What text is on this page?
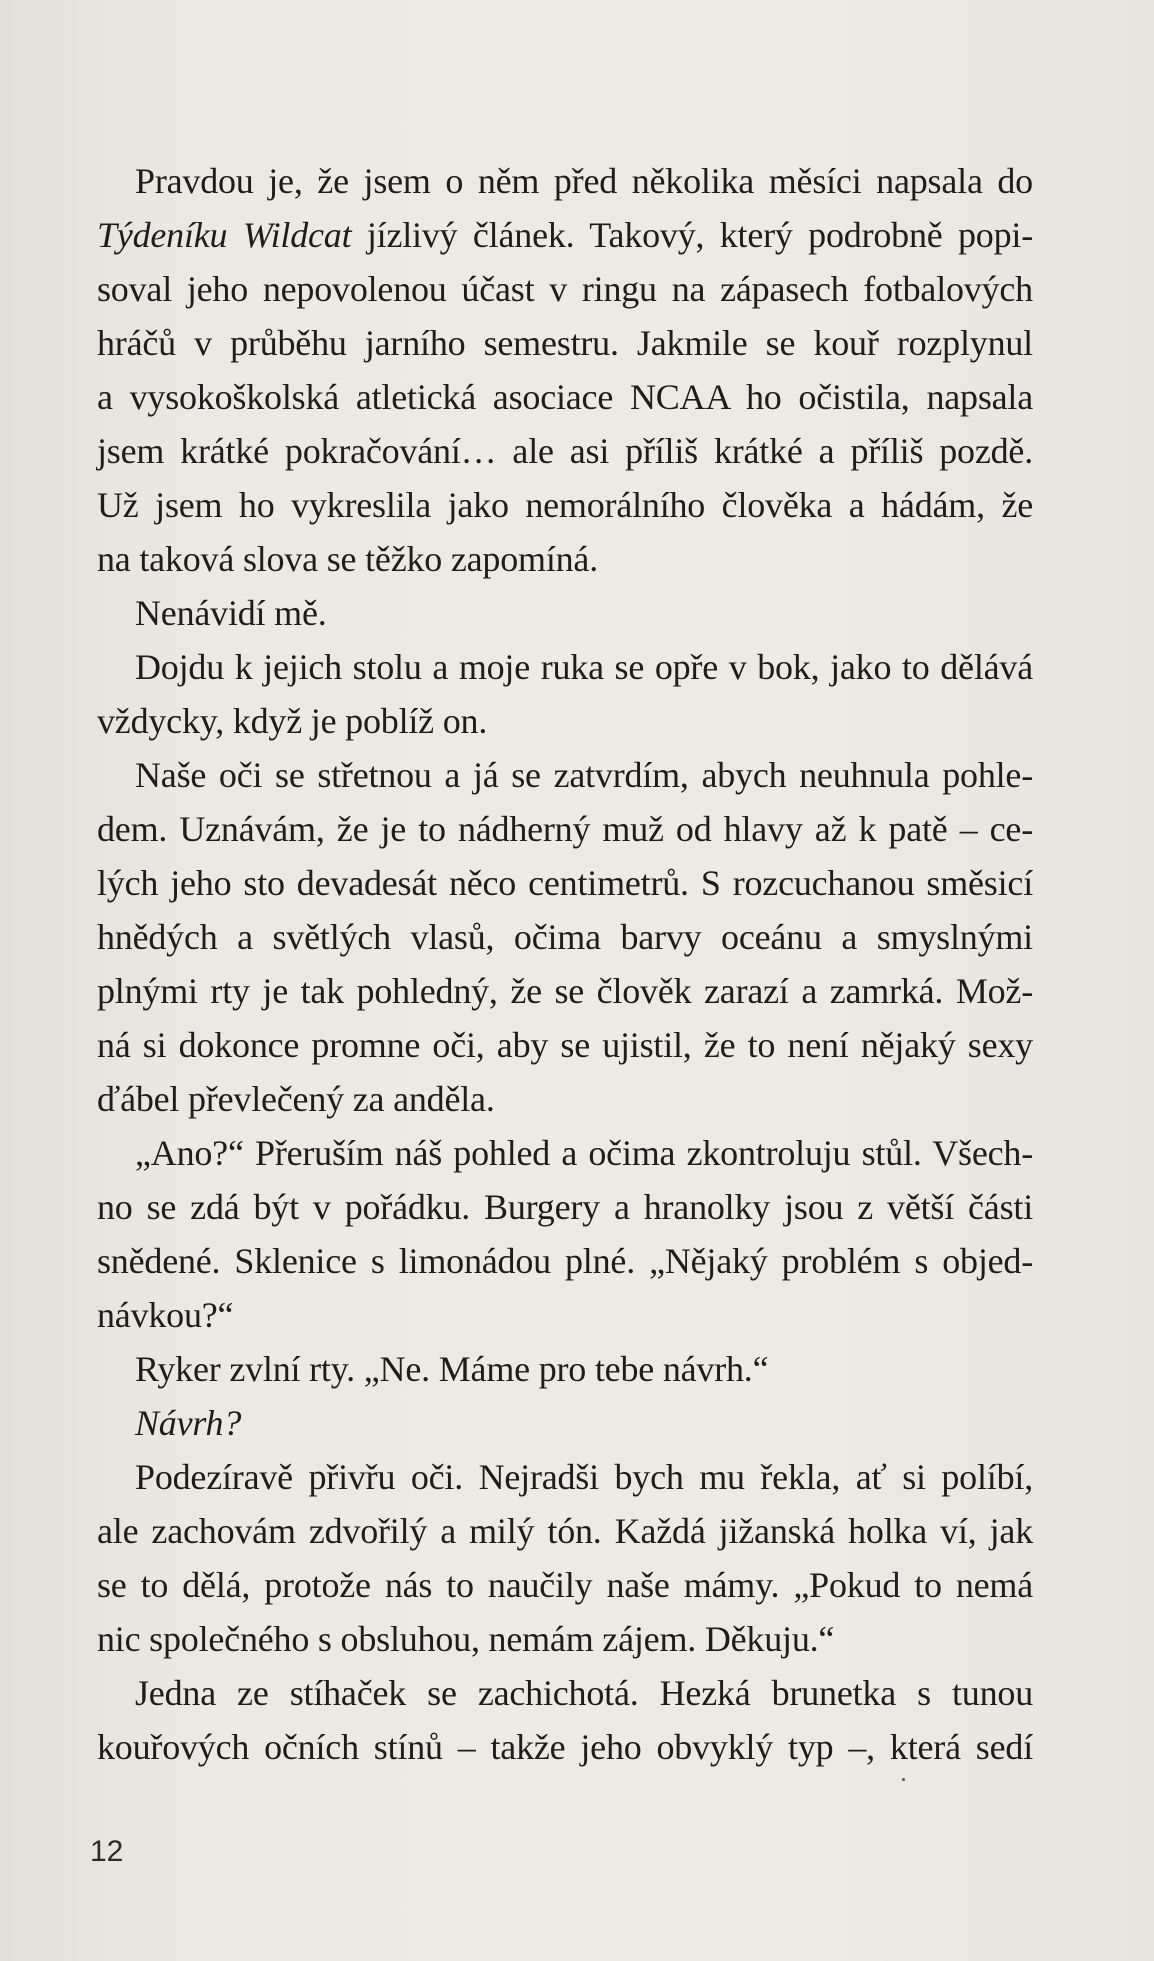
Pravdou je, že jsem o něm před několika měsíci napsala do
Týdeníku Wildcat jízlivý článek. Takový, který podrobně popi-
soval jeho nepovolenou účast v ringu na zápasech fotbalových
hráčů v průběhu jarního semestru. Jakmile se kouř rozplynul
a vysokoškolská atletická asociace NCAA ho očistila, napsala
jsem krátké pokračování… ale asi příliš krátké a příliš pozdě.
Už jsem ho vykreslila jako nemorálního člověka a hádám, že
na taková slova se těžko zapomíná.
Nenávidí mě.
Dojdu k jejich stolu a moje ruka se opře v bok, jako to dělává
vždycky, když je poblíž on.
Naše oči se střetnou a já se zatvrdím, abych neuhnula pohle-
dem. Uznávám, že je to nádherný muž od hlavy až k patě – ce-
lých jeho sto devadesát něco centimetrů. S rozcuchanou směsicí
hnědých a světlých vlasů, očima barvy oceánu a smyslnými
plnými rty je tak pohledný, že se člověk zarazí a zamrká. Mož-
ná si dokonce promne oči, aby se ujistil, že to není nějaký sexy
ďábel převlečený za anděla.
„Ano?“ Přeruším náš pohled a očima zkontroluju stůl. Všech-
no se zdá být v pořádku. Burgery a hranolky jsou z větší části
snědené. Sklenice s limonádou plné. „Nějaký problém s objed-
návkou?“
Ryker zvlní rty. „Ne. Máme pro tebe návrh.“
Návrh?
Podezíravě přivřu oči. Nejradši bych mu řekla, ať si políbí,
ale zachovám zdvořilý a milý tón. Každá jižanská holka ví, jak
se to dělá, protože nás to naučily naše mámy. „Pokud to nemá
nic společného s obsluhou, nemám zájem. Děkuju.“
Jedna ze stíhaček se zachichotá. Hezká brunetka s tunou
kouřových očních stínů – takže jeho obvyklý typ –, která sedí
12
